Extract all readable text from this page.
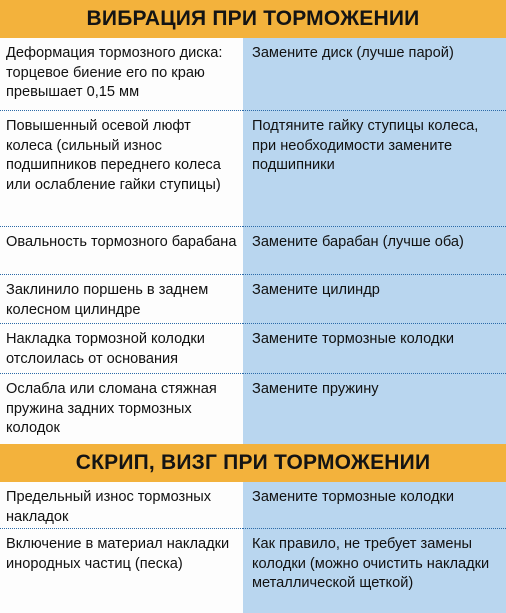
ВИБРАЦИЯ ПРИ ТОРМОЖЕНИИ
Деформация тормозного диска: торцевое биение его по краю превышает 0,15 мм
Замените диск (лучше парой)
Повышенный осевой люфт колеса (сильный износ подшипников переднего колеса или ослабление гайки ступицы)
Подтяните гайку ступицы колеса, при необходимости замените подшипники
Овальность тормозного барабана	Замените барабан (лучше оба)
Заклинило поршень в заднем колесном цилиндре
Замените цилиндр
Накладка тормозной колодки отслоилась от основания
Замените тормозные колодки
Ослабла или сломана стяжная пружина задних тормозных колодок
Замените пружину
СКРИП, ВИЗГ ПРИ ТОРМОЖЕНИИ
Предельный износ тормозных накладок
Замените тормозные колодки
Включение в материал накладки инородных частиц (песка)
Как правило, не требует замены колодки (можно очистить накладки металлической щеткой)
